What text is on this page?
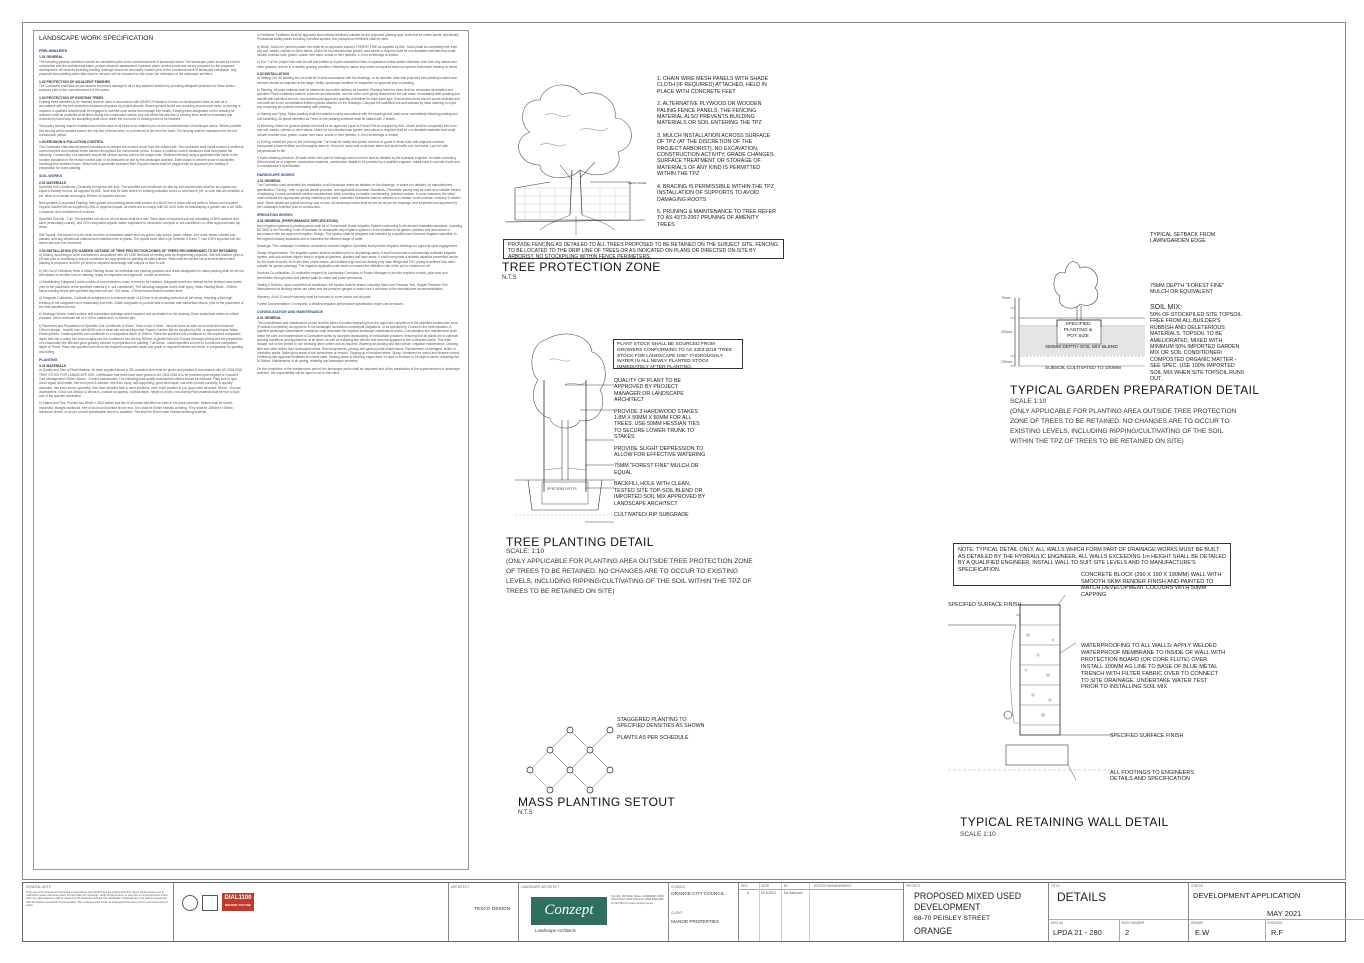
LANDSCAPE WORK SPECIFICATION
PRELIMINARIES
1.01 GENERAL

The following general conditions should be considered prior to the commencement of landscape works: The landscape plans should be read in conjunction with the architectural plans, project arborist's assessment, hydraulic plans, service plans and survey prepared for the proposed development. All services including existing drainage should be accurately located prior to the commencement of landscape installation. Any proposed tree planting which falls close to services will be relocated on site under the instruction of the landscape architect.

1.02 PROTECTION OF ADJACENT FINISHES

The Contractor shall take all precautions to prevent damage to all or any adjacent finishes by providing adequate protection to these areas / surfaces prior to the commencement of the works.

1.03 PROTECTION OF EXISTING TREES

Existing trees identified to be retained shall be done in accordance with AS4970-Protection of trees on development sites as well as in accordance with the tree protection measures prepared by project arborist. Where general works are occurring around such trees, or pruning is required, a qualified arborist shall be engaged to oversee such works and manage tree health. Existing trees designated on the drawing for retention shall be protected at all times during the construction period. Any soil within the drip line of existing trees shall be excavated and removed by hand only. No stockpiling shall occur within the root zone of existing trees to be retained.

Temporary fencing shall be installed around the base of all trees to be retained prior to the commencement of landscape works. Where possible this fencing will be located around the drip line of these trees, or a minimum of 5m from the trunk. The fencing shall be maintained for the full construction period.

1.04 EROSION & POLLUTION CONTROL

The Contractor shall take all proper precautions to prevent the erosion of soil from the subject site. The contractor shall install erosion & sediment control barriers and maintain these barriers throughout the construction period. Erosion & pollution control measures shall incorporate the following: Construction of a sediment trap at the vehicle access point to the subject site. Sediment fencing using a geotextile filter fabric in the location indicated on the erosion control plan or as instructed on site by the landscape architect. Earth banks to prevent scour of stockpiles. Sandbag kerb sediment traps. Straw bale & geotextile sediment filter. Exposed banks shall be pegged with an approved jute matting in preparation for mass planting.

SOIL WORKS
2.01 MATERIALS

Specified Soil Conditioner (Generally to improve site soil). The specified soil conditioner for site top soil improvement shall be an organic mix, equal to Botany Humus, as supplied by ANL. Note that for sites where no existing indication boxes or schemes in pH, or soils that are sensitive to pH, allow to excavate and supply 300mm of imported soil mix.

New gardens & proposed Planting. New garden and planting areas shall consist of a 80/20 mix of clean site soil (refer to below) and imported Organic Garden Mix as supplied by ANL or approved equal. All mixes are to comply with AS 4419 Soils for landscaping & garden use & AS 4454 Composts, Soil conditioners & mulches.

Specified Soil Mix - Turf. The specified soil mix for all turf areas shall be a min 75mm layer of imported soil mix consisting of 80% washed river sand (reasonably coarse), and 20% composted organic matter equivalent to mushroom compost or soil conditioner, or other approved lawn top dress.

Site Topsoil. Site topsoil is to be clean and free of unwanted matter such as gravel, clay lumps, grass, weeds, tree roots, sticks, rubbish and plastics, and any deleterious material and materials toxic to plants. The topsoil must have a pH between 5.5 and 7. Use 100% imported soil mix where site won't be recovered.

2.02 INSTALLATION (TO GARDEN OUTSIDE OF TREE PROTECTION ZONES OF TREES RECOMMENDED TO BY RETAINED)

a) Testing. According to to be conducted in accordance with AS 1289 Methods for testing soils for engineering purposes. Site soil shall be given a pH test prior to modifying to ensure conditions are appropriate for planting as stated above. Tests shall be carried out at several sites where planting is proposed, and the pH shall be adjusted accordingly with sulphur or lime to suit.

b) Set Out of Individual Trees & Mass Planting Areas. An individual tree planting positions and areas designated for mass planting shall be set out with stakes or another form of marking, ready for inspection and approval. Locate all services.

c) Establishing Subgrade Levels outside of tree protection zones of trees to be retained. Subgrade levels are defined as the finished base levels prior to the placement of the specified material (i.e. soil conditioner). The following subgrade levels shall apply: Mass Planting Beds - 300mm below existing levels with specified imported soil mix. Turf areas - 100mm below finished surface level.

d) Subgrade Cultivation. Cultivate all subgrades to a minimum depth of 100mm in all planting beds and all turf areas, ensuring a thorough breakup of the subgrade into a reasonably even tilth. Grade subgrades to provide falls to surface and subsurface drains, prior to the placement of the final specified soil mix.

e) Drainage Works. Install surface and subsurface drainage where required and as detailed on the drawing. Drain subsurface drains to outlets provided, with a minimum fall of 1:100 to outlets and / or service pits.

f) Placement and Preparation of Specified Soil Conditioner & Mixes. Trees in turf & beds - must be twice as wide as root ball and minimum 100mm deeper - backfill hole with 50/50 mix of clean site soil and imported Organic Garden Mix as supplied by ANL or approved equal. Mass Planting Beds - install specified soil conditioner to a compacted depth of 150mm. Place the specified soil conditioner to the required compacted depth and use a rotary hoe to thoroughly mix the conditioner into the top 300mm of garden bed soil. Ensure thorough mixing and the preparation of a reasonably fine tilth and good growing medium in preparation for planting. Turf Areas - install specified soil mix to a minimum compacted depth of 75mm. Place the specified soil mix to the required compacted depth and grade to required finished soil levels, in preparation for planting and turfing.

PLANTING
3.01 MATERIALS

a) Quality and Size of Plant Material. All trees supplied above a 25L container size must be grown and planted in accordance with AS 2303:2018 TREE STOCK FOR LANDSCAPE USE. Certification that trees have been grown to AS 2303:2018 is to be provided upon request of Council's Tree Management Officer. Above - Ground Assessment: The following plant quality assessment criteria should be followed: Plant true to type, Good vigour and health, free from pest & disease, free from injury, self-supporting, good stem taper, has been pruned correctly, is apically dominant, has even crown symmetry, free from included bark & stem junctions, even trunk position in pot, good stem structure. Below - Ground Assessment: Good root division & direction, rootball occupancy, rootball depth, height of crown, non-circling Plant material shall be true to type and of the species nominated.

b) Stakes and Ties. Provide two 50x50 x 2400 stakes and ties to all plants identified as trees in the plant schedule. Stakes shall be sound, unpainted, straight hardwood, free of knots and pointed at one end. Ties shall be 50mm hessian webbing. They shall be 1800mm x 50mm hardwood timber, or as per council specification where is available. Ties shall be 50mm wide hessian webbing material.

c) Fertilisers. Fertilisers shall be approved slow release fertilisers suitable for the proposed planting type. Note that for native plants, specifically Proteaceae family plants including Grevillea species, low phosphorus fertilisers shall be used.

d) Mulch. Mulch for general planter bed shall be an approved equal to FOREST FINE as supplied by ANL. Mulch shall be completely free from any soil, weeds, rubbish or other debris. Mulch for bio-retention/rain garden area where is required shall be non-floatable materials that could include crushed rock, gravel, coarse river sand, scoria or river pebbles. 4-7mm screenings or similar.

e) Turf. Turf for project site shall be soft leaf buffalo or Zoysia macrantha Nara or equivalent unless stated otherwise, free from any weeds and other grasses, and be in a healthy growing condition. Returfing to nature strip where is required shall use species that match existing on street.

3.02 INSTALLATION

a) Setting Out. All planting set-out shall be in strict accordance with the drawings, or as directed. Note that proposed tree planting located near services should be adjusted at the stage. Notify Landscape Architect for inspection for approval prior to planting.

b) Planting. All plant material shall be planted as soon after delivery as possible. Planting holes for trees shall be excavated as detailed and specified. Plant containers shall be removed and discarded, and the outer roots gently teased from the soil mass. Immediately after planting and backfill with specified soil mix, incorporating the approved quantity of fertiliser for each plant type. Ensure that plants are set plumb vertically and root balls set to the consolidated finished grades detailed on the drawings. Compact the backfilled soil and saturate by hand watering to expel any remaining air pockets immediately after planting.

c) Staking and Tying. Stake planting shall be installed in strict accordance with the drawings and shall occur immediately following planting and soil backfilling. All plants identified as Trees on the planting schedule shall be staked with 2 stakes.

d) Mulching. Mulch for general planter bed shall be an approved equal to Forest Fine as supplied by ANL. Mulch shall be completely free from any soil, weeds, rubbish or other debris. Mulch for bio-retention/rain garden area where is required shall be non-floatable materials that could include crushed rock, gravel, coarse river sand, scoria or river pebbles. 4-7mm screenings or similar.

e) Turfing. Install turf prior to the turf being laid. Turf shall be neatly butt jointed and true to grade to finish flush with adjacent surfaces. Incorporate a lawn fertiliser and thoroughly water in. Keep turf moist until roots have taken and avoid traffic over turf areas. Lay turf rolls perpendicular to fall.

f) Earth retaining structure. All walls which form part of drainage works must be built as detailed by the hydraulic engineer. All walls exceeding 600mm shall be of engineer construction materials, construction details to be provided by a qualified engineer. Install walls to suit site levels and to manufacturer's specification.

HARDSCAPE WORKS
4.01 GENERAL

The Contractor shall undertake the installation of all hardscape works as detailed on the drawings, or where not detailed, by manufacturers specification. Paving - refer to typical details provided, and applicable Australian Standards. Permeable paving may be used as a suitable means of satisfying Council permeable surface requirements, while providing a useable, hardwearing, practical surface. In most instances, the client shall nominate the appropriate paving material to be used. Australian Standards shall be adhered to in relation to all concrete, masonry & related work. Stone details are typical and may vary on site. All hardscape works shall be set out as per the drawings, and inspected and approved by the Landscape Architect prior to construction.

IRRIGATION WORKS
5.01 GENERAL (PERFORMANCE SPECIFICATION)

New irrigation systems to planting areas shall be of Commercial Grade Irrigation System conforming to all relevant Australian standards, including AS 3500 & the Plumbing Code of Australia. An automated drip irrigation system is to be installed to all garden, planters and lawn areas in accordance with the approved Irrigation Design. This system shall be designed and installed by a qualified and licensed irrigation specialist, to the highest industry standards and to maximise the efficient usage of water.

Drawings: The Landscape Contractor nominated Licensed Irrigation Specialist shall provide irrigation drawings for approval upon engagement.

Design Requirements: The irrigation system shall be installed prior to all planting works. It shall incorporate a commercially available irrigation system, with sub-surface dripper lines to irrigate all gardens, planters and lawn areas. It shall incorporate a suitable backflow prevention device for the scale of works, an in-line filter, check valves, and suitable high and low density poly hose fittings and PVC piping to achieve flow rates suitable for garden plantings. The irrigation application rate shall not exceed the infiltration rate of the soil or creates run-off.

Services Co-ordination: Co-ordination required by Landscape Contractor or Project Manager to provide required conduit, pipe work and penetration through slabs and planter walls for water and power provisions.

Testing & Defects: Upon completion of installation, the system shall be tested, including Main Line Pressure Test, Dripper Pressure Test. Measurement at flushing valves are taken and the pressure gauges to make sure it conforms to the manufacturer recommendations.

Warranty: A full 12 month warranty shall be included to cover labour and all parts.

Further Documentation: On request, a detailed irrigation performance specification report can be issued.

CONSOLIDATION AND MAINTENANCE
6.01 GENERAL

The consolidation and maintenance period shall be either 6 months beginning from the approved completion of the specified construction work (Practical Completion) as agreed to in the landscape contractors contractual obligations, or as specified by Council in the Determination. A qualified landscape maintenance contractor shall undertake the required landscape maintenance works. Consolidation and maintenance shall mean the care and maintenance of Contracted works by accepted landscaping or horticultural practices, ensuring that all plants are in optimum growing conditions and appearance at all times, as well as rectifying any defects that become apparent in the contracted works. This shall include, but not be limited to, the following items where and as required: Watering all planting and lawn areas / irrigation maintenance. Clearing litter and other debris from landscaped areas. Removing weeds, pruning and general plant maintenance. Replacement of damaged, stolen or unhealthy plants. Make good areas of soil subsidence or erosion. Topping up of mulched areas. Spray / treatment for insect and disease control. Fertilising with approved fertilisers at correct rates. Mowing lawns & trimming edges each 14 days in summer or 18 days in winter. Adjusting ties to Stakes. Maintenance of all paving, retaining and landscape elements.

On the completion of the maintenance period, the landscape works shall be inspected and at the satisfaction of the superintendent or landscape architect, the responsibility will be signed over to the client.

MESH PANEL
1. CHAIN WIRE MESH PANELS WITH SHADE CLOTH (IF REQUIRED) ATTACHED, HELD IN PLACE WITH CONCRETE FEET
2. ALTERNATIVE PLYWOOD OR WOODEN PALING FENCE PANELS. THE FENCING MATERIAL ALSO PREVENTS BUILDING MATERIALS OR SOIL ENTERING THE TPZ
3. MULCH INSTALLATION ACROSS SURFACE OF TPZ (AT THE DISCRETION OF THE PROJECT ARBORIST). NO EXCAVATION, CONSTRUCTION ACTIVITY, GRADE CHANGES, SURFACE TREATMENT OR STORAGE OF MATERIALS OF ANY KIND IS PERMITTED WITHIN THE TPZ
4. BRACING IS PERMISSIBLE WITHIN THE TPZ. INSTALLATION OF SUPPORTS TO AVOID DAMAGING ROOTS
5. PRUNING & MAINTENANCE TO TREE REFER TO AS 4373-2007 PRUNING OF AMENITY TREES
PROVIDE FENCING AS DETAILED TO ALL TREES PROPOSED TO BE RETAINED ON THE SUBJECT SITE. FENCING TO BE LOCATED TO THE DRIP LINE OF TREES OR AS INDICATED ON PLANS OR DIRECTED ON-SITE BY ARBORIST. NO STOCKPILING WITHIN FENCE PERIMETERS.
TREE PROTECTION ZONE
N.T.S
SPECIFIED POTS
PLANT STOCK SHALL BE SOURCED FROM GROWERS CONFORMING TO AS 2303:2018 "TREE STOCK FOR LANDSCAPE USE" THOROUGHLY WATER IN ALL NEWLY PLANTED STOCK IMMEDIATELY AFTER PLANTING.
QUALITY OF PLANT TO BE APPROVED BY PROJECT MANAGER OR LANDSCAPE ARCHITECT
PROVIDE 3 HARDWOOD STAKES 1.8M X 50MM X 50MM FOR ALL TREES. USE 50MM HESSIAN TIES TO SECURE LOWER TRUNK TO STAKES
PROVIDE SLIGHT DEPRESSION TO ALLOW FOR EFFECTIVE WATERING
75MM "FOREST FINE" MULCH OR EQUAL
BACKFILL HOLE WITH CLEAN, TESTED SITE TOP-SOIL BLEND OR IMPORTED SOIL MIX APPROVED BY LANDSCAPE ARCHITECT
CULTIVATED/ RIP SUBGRADE
TREE PLANTING DETAIL
SCALE: 1:10
(ONLY APPLICABLE FOR PLANTING AREA OUTSIDE TREE PROTECTION ZONE OF TREES TO BE RETAINED. NO CHANGES ARE TO OCCUR TO EXISTING LEVELS, INCLUDING RIPPING/CULTIVATING OF THE SOIL WITHIN THE TPZ OF TREES TO BE RETAINED ON SITE)
STAGGERED PLANTING TO SPECIFIED DENSITIES AS SHOWN
PLANTS AS PER SCHEDULE
MASS PLANTING SETOUT
N.T.S
SPECIFIED PLANTING & POT SIZE
TYPICAL SETBACK FROM LAWN/GARDEN EDGE
75MM DEPTH "FOREST FINE" MULCH OR EQUIVALENT
75mm
200mm
100mm
300MM DEPTH SOIL MIX BLEND
SUBSOIL CULTIVATED TO 100MM
SOIL MIX:
50% OF STOCKPILED SITE TOPSOIL FREE FROM ALL BUILDER'S RUBBISH AND DELETERIOUS MATERIALS. TOPSOIL TO BE AMELIORATED, MIXED WITH MINIMUM 50% IMPORTED GARDEN MIX OR SOIL CONDITIONER/ COMPOSTED ORGANIC MATTER - SEE SPEC. USE 100% IMPORTED SOIL MIX WHEN SITE TOPSOIL RUNS OUT.
TYPICAL GARDEN PREPARATION DETAIL
SCALE 1:10
(ONLY APPLICABLE FOR PLANTING AREA OUTSIDE TREE PROTECTION ZONE OF TREES TO BE RETAINED. NO CHANGES ARE TO OCCUR TO EXISTING LEVELS, INCLUDING RIPPING/CULTIVATING OF THE SOIL WITHIN THE TPZ OF TREES TO BE RETAINED ON SITE)
NOTE: TYPICAL DETAIL ONLY. ALL WALLS WHICH FORM PART OF DRAINAGE WORKS MUST BE BUILT AS DETAILED BY THE HYDRAULIC ENGINEER. ALL WALLS EXCEEDING 1m HEIGHT SHALL BE DETAILED BY A QUALIFIED ENGINEER. INSTALL WALL TO SUIT SITE LEVELS AND TO MANUFACTURE'S SPECIFICATION.
SPECIFIED SURFACE FINISH
CONCRETE BLOCK (290 X 190 X 190MM) WALL WITH SMOOTH SKIM RENDER FINISH AND PAINTED TO MATCH DEVELOPMENT COLOURS WITH 50MM CAPPING
WATERPROOFING TO ALL WALLS: APPLY WELDED WATERPROOF MEMBRANE TO INSIDE OF WALL WITH PROTECTION BOARD (OR CORE FLUTE) OVER. INSTALL 100MM AG LINE TO BASE OF BLUE METAL TRENCH WITH FILTER FABRIC OVER TO CONNECT TO SITE DRAINAGE. UNDERTAKE WATER TEST PRIOR TO INSTALLING SOIL MIX
SPECIFIED SURFACE FINISH
ALL FOOTINGS TO ENGINEERS DETAILS AND SPECIFICATION
TYPICAL RETAINING WALL DETAIL
SCALE 1:10
GENERAL NOTE
Trees are to be retained and protected in accordance with AS4970 and the project arborist's report. All dimensions are in millimetres unless otherwise noted. Do not scale from drawings. Verify all dimensions on site prior to commencement of any work. Any discrepancies shall be referred to the landscape architect for clarification. Drawings are to be read in conjunction with all relevant consultants' documentation. The contractor shall locate all underground services prior to commencement of works.
DIAL1100
BEFORE YOU DIG
ARCHITECT
TEXCO DESIGN
LANDSCAPE ARCHITECT
Conzept
Landscape Architects
Suit 101, 506 Miller Street, CAMMERAY NSW 2062 Phone: 9922 5312 Fax: 8208 4990 ABN: 42 114 681 271 www.conzept.net.au
COUNCIL
ORANGE CITY COUNCIL
CLIENT
MANOR PROPERTIES
REV	DATE	BY	NOTATION/AMENDMENT
A	03.6.2021 Da Sahmani
PROJECT
PROPOSED MIXED USED DEVELOPMENT
68-70 PEISLEY STREET
ORANGE
TITLE
DETAILS
DRG No.
LPDA 21 - 280
PAGE NUMBER
2
STATUS
DEVELOPMENT APPLICATION
MAY 2021
DRAWN
E.W
CHECKED
R.F
